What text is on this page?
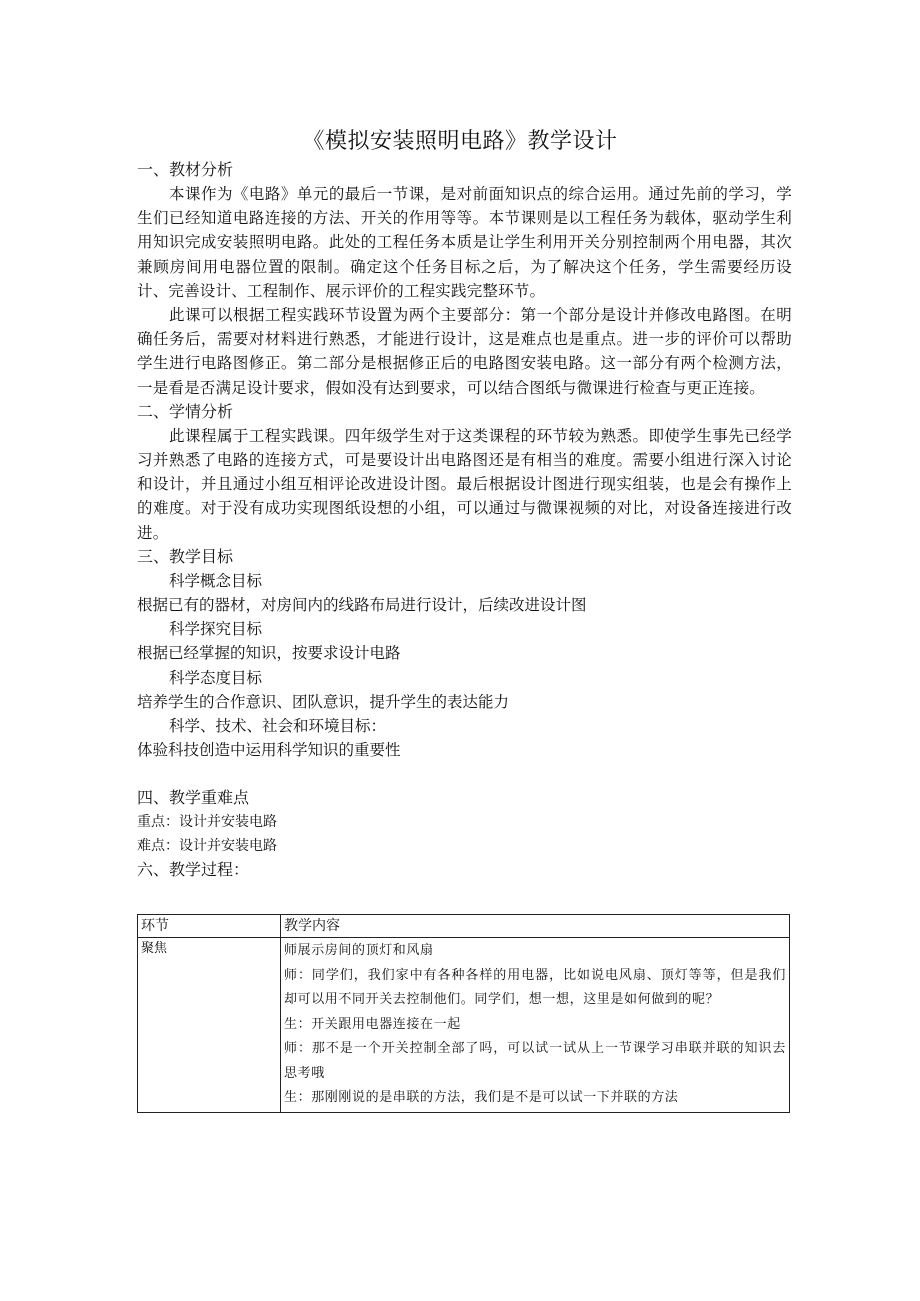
《模拟安装照明电路》教学设计

一、教材分析

本课作为《电路》单元的最后一节课，是对前面知识点的综合运用。通过先前的学习，学生们已经知道电路连接的方法、开关的作用等等。本节课则是以工程任务为载体，驱动学生利用知识完成安装照明电路。此处的工程任务本质是让学生利用开关分别控制两个用电器，其次兼顾房间用电器位置的限制。确定这个任务目标之后，为了解决这个任务，学生需要经历设计、完善设计、工程制作、展示评价的工程实践完整环节。

此课可以根据工程实践环节设置为两个主要部分：第一个部分是设计并修改电路图。在明确任务后，需要对材料进行熟悉，才能进行设计，这是难点也是重点。进一步的评价可以帮助学生进行电路图修正。第二部分是根据修正后的电路图安装电路。这一部分有两个检测方法，一是看是否满足设计要求，假如没有达到要求，可以结合图纸与微课进行检查与更正连接。

二、学情分析

此课程属于工程实践课。四年级学生对于这类课程的环节较为熟悉。即使学生事先已经学习并熟悉了电路的连接方式，可是要设计出电路图还是有相当的难度。需要小组进行深入讨论和设计，并且通过小组互相评论改进设计图。最后根据设计图进行现实组装，也是会有操作上的难度。对于没有成功实现图纸设想的小组，可以通过与微课视频的对比，对设备连接进行改进。

三、教学目标

科学概念目标

根据已有的器材，对房间内的线路布局进行设计，后续改进设计图

科学探究目标

根据已经掌握的知识，按要求设计电路

科学态度目标

培养学生的合作意识、团队意识，提升学生的表达能力

科学、技术、社会和环境目标：

体验科技创造中运用科学知识的重要性

四、教学重难点

重点：设计并安装电路

难点：设计并安装电路

六、教学过程：

环节	教学内容
聚焦	师展示房间的顶灯和风扇

师：同学们，我们家中有各种各样的用电器，比如说电风扇、顶灯等等，但是我们却可以用不同开关去控制他们。同学们，想一想，这里是如何做到的呢？

生：开关跟用电器连接在一起

师：那不是一个开关控制全部了吗，可以试一试从上一节课学习串联并联的知识去思考哦

生：那刚刚说的是串联的方法，我们是不是可以试一下并联的方法
